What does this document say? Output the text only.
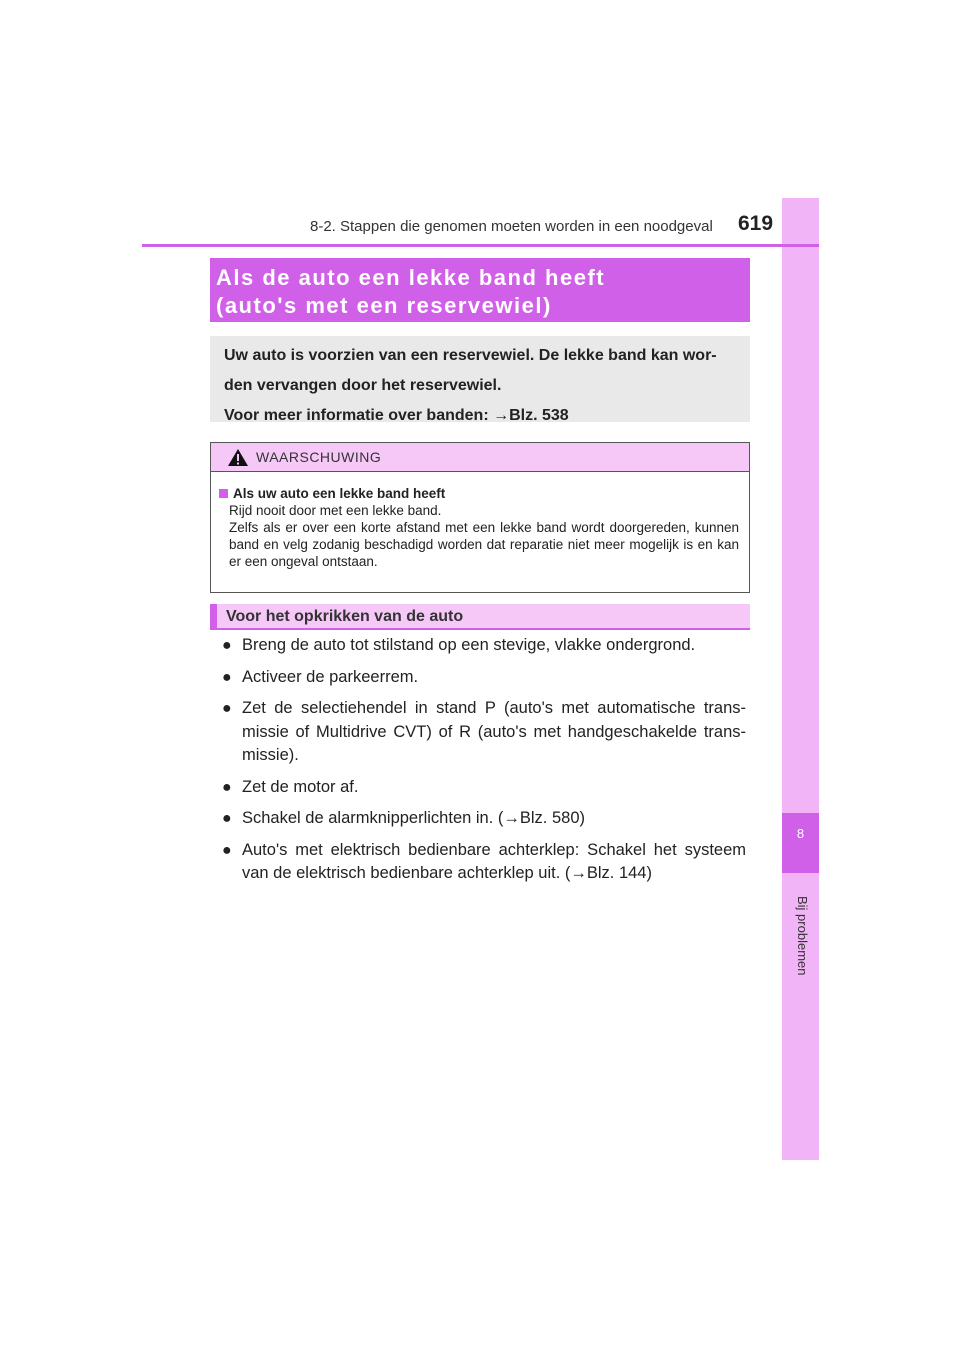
8
Bij problemen
8-2. Stappen die genomen moeten worden in een noodgeval 619
Als de auto een lekke band heeft
(auto's met een reservewiel)
Uw auto is voorzien van een reservewiel. De lekke band kan wor-
den vervangen door het reservewiel.
Voor meer informatie over banden: →Blz. 538
WAARSCHUWING
Als uw auto een lekke band heeft
Rijd nooit door met een lekke band.
Zelfs als er over een korte afstand met een lekke band wordt doorgereden, kunnen band en velg zodanig beschadigd worden dat reparatie niet meer mogelijk is en kan er een ongeval ontstaan.
Voor het opkrikken van de auto
● Breng de auto tot stilstand op een stevige, vlakke ondergrond.
● Activeer de parkeerrem.
● Zet de selectiehendel in stand P (auto's met automatische trans-missie of Multidrive CVT) of R (auto's met handgeschakelde trans-missie).
● Zet de motor af.
● Schakel de alarmknipperlichten in. (→Blz. 580)
● Auto's met elektrisch bedienbare achterklep: Schakel het systeem van de elektrisch bedienbare achterklep uit. (→Blz. 144)
